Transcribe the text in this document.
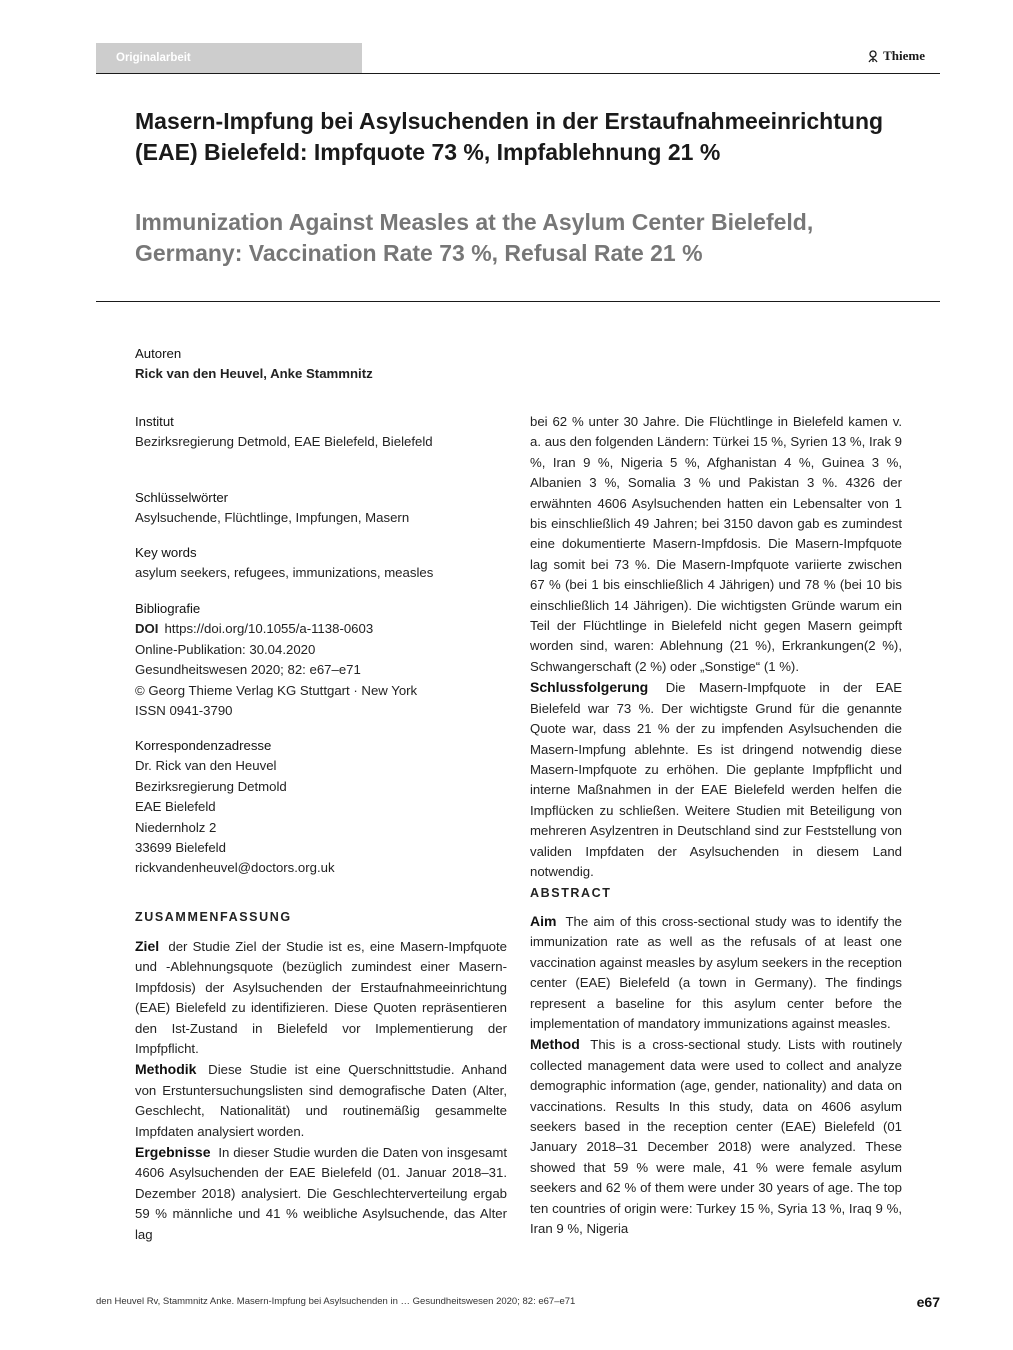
Originalarbeit	Thieme
Masern-Impfung bei Asylsuchenden in der Erstaufnahmeeinrichtung (EAE) Bielefeld: Impfquote 73 %, Impfablehnung 21 %
Immunization Against Measles at the Asylum Center Bielefeld, Germany: Vaccination Rate 73 %, Refusal Rate 21 %
Autoren
Rick van den Heuvel, Anke Stammnitz
Institut
Bezirksregierung Detmold, EAE Bielefeld, Bielefeld
Schlüsselwörter
Asylsuchende, Flüchtlinge, Impfungen, Masern
Key words
asylum seekers, refugees, immunizations, measles
Bibliografie
DOI https://doi.org/10.1055/a-1138-0603
Online-Publikation: 30.04.2020
Gesundheitswesen 2020; 82: e67–e71
© Georg Thieme Verlag KG Stuttgart · New York
ISSN 0941-3790
Korrespondenzadresse
Dr. Rick van den Heuvel
Bezirksregierung Detmold
EAE Bielefeld
Niedernholz 2
33699 Bielefeld
rickvandenheuvel@doctors.org.uk
ZUSAMMENFASSUNG

Ziel der Studie Ziel der Studie ist es, eine Masern-Impfquote und -Ablehnungsquote (bezüglich zumindest einer Masern-Impfdosis) der Asylsuchenden der Erstaufnahmeeinrichtung (EAE) Bielefeld zu identifizieren. Diese Quoten repräsentieren den Ist-Zustand in Bielefeld vor Implementierung der Impfpflicht.

Methodik Diese Studie ist eine Querschnittstudie. Anhand von Erstuntersuchungslisten sind demografische Daten (Alter, Geschlecht, Nationalität) und routinemäßig gesammelte Impfdaten analysiert worden.

Ergebnisse In dieser Studie wurden die Daten von insgesamt 4606 Asylsuchenden der EAE Bielefeld (01. Januar 2018–31. Dezember 2018) analysiert. Die Geschlechterverteilung ergab 59 % männliche und 41 % weibliche Asylsuchende, das Alter lag

bei 62 % unter 30 Jahre. Die Flüchtlinge in Bielefeld kamen v. a. aus den folgenden Ländern: Türkei 15 %, Syrien 13 %, Irak 9 %, Iran 9 %, Nigeria 5 %, Afghanistan 4 %, Guinea 3 %, Albanien 3 %, Somalia 3 % und Pakistan 3 %. 4326 der erwähnten 4606 Asylsuchenden hatten ein Lebensalter von 1 bis einschließlich 49 Jahren; bei 3150 davon gab es zumindest eine dokumentierte Masern-Impfdosis. Die Masern-Impfquote lag somit bei 73 %. Die Masern-Impfquote variierte zwischen 67 % (bei 1 bis einschließlich 4 Jährigen) und 78 % (bei 10 bis einschließlich 14 Jährigen). Die wichtigsten Gründe warum ein Teil der Flüchtlinge in Bielefeld nicht gegen Masern geimpft worden sind, waren: Ablehnung (21 %), Erkrankungen(2 %), Schwangerschaft (2 %) oder „Sonstige“ (1 %).

Schlussfolgerung Die Masern-Impfquote in der EAE Bielefeld war 73 %. Der wichtigste Grund für die genannte Quote war, dass 21 % der zu impfenden Asylsuchenden die Masern-Impfung ablehnte. Es ist dringend notwendig diese Masern-Impfquote zu erhöhen. Die geplante Impfpflicht und interne Maßnahmen in der EAE Bielefeld werden helfen die Impflücken zu schließen. Weitere Studien mit Beteiligung von mehreren Asylzentren in Deutschland sind zur Feststellung von validen Impfdaten der Asylsuchenden in diesem Land notwendig.

ABSTRACT

Aim The aim of this cross-sectional study was to identify the immunization rate as well as the refusals of at least one vaccination against measles by asylum seekers in the reception center (EAE) Bielefeld (a town in Germany). The findings represent a baseline for this asylum center before the implementation of mandatory immunizations against measles.

Method This is a cross-sectional study. Lists with routinely collected management data were used to collect and analyze demographic information (age, gender, nationality) and data on vaccinations. Results In this study, data on 4606 asylum seekers based in the reception center (EAE) Bielefeld (01 January 2018–31 December 2018) were analyzed. These showed that 59 % were male, 41 % were female asylum seekers and 62 % of them were under 30 years of age. The top ten countries of origin were: Turkey 15 %, Syria 13 %, Iraq 9 %, Iran 9 %, Nigeria

den Heuvel Rv, Stammnitz Anke. Masern-Impfung bei Asylsuchenden in … Gesundheitswesen 2020; 82: e67–e71	e67
